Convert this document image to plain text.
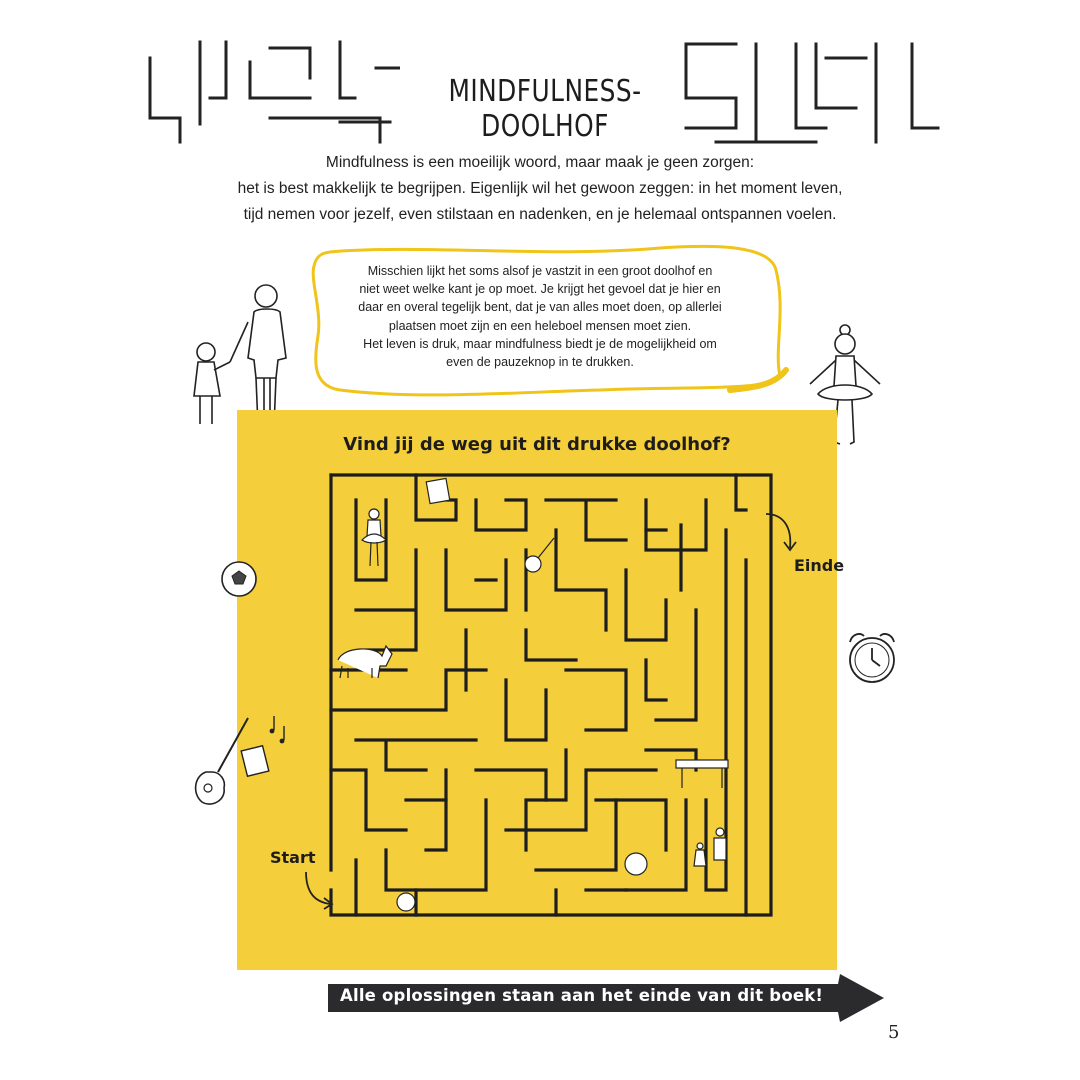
MINDFULNESS-DOOLHOF
Mindfulness is een moeilijk woord, maar maak je geen zorgen:
het is best makkelijk te begrijpen. Eigenlijk wil het gewoon zeggen: in het moment leven,
tijd nemen voor jezelf, even stilstaan en nadenken, en je helemaal ontspannen voelen.
Misschien lijkt het soms alsof je vastzit in een groot doolhof en
niet weet welke kant je op moet. Je krijgt het gevoel dat je hier en
daar en overal tegelijk bent, dat je van alles moet doen, op allerlei
plaatsen moet zijn en een heleboel mensen moet zien.
Het leven is druk, maar mindfulness biedt je de mogelijkheid om
even de pauzeknop in te drukken.
Vind jij de weg uit dit drukke doolhof?
Start
Einde
Alle oplossingen staan aan het einde van dit boek!
5
